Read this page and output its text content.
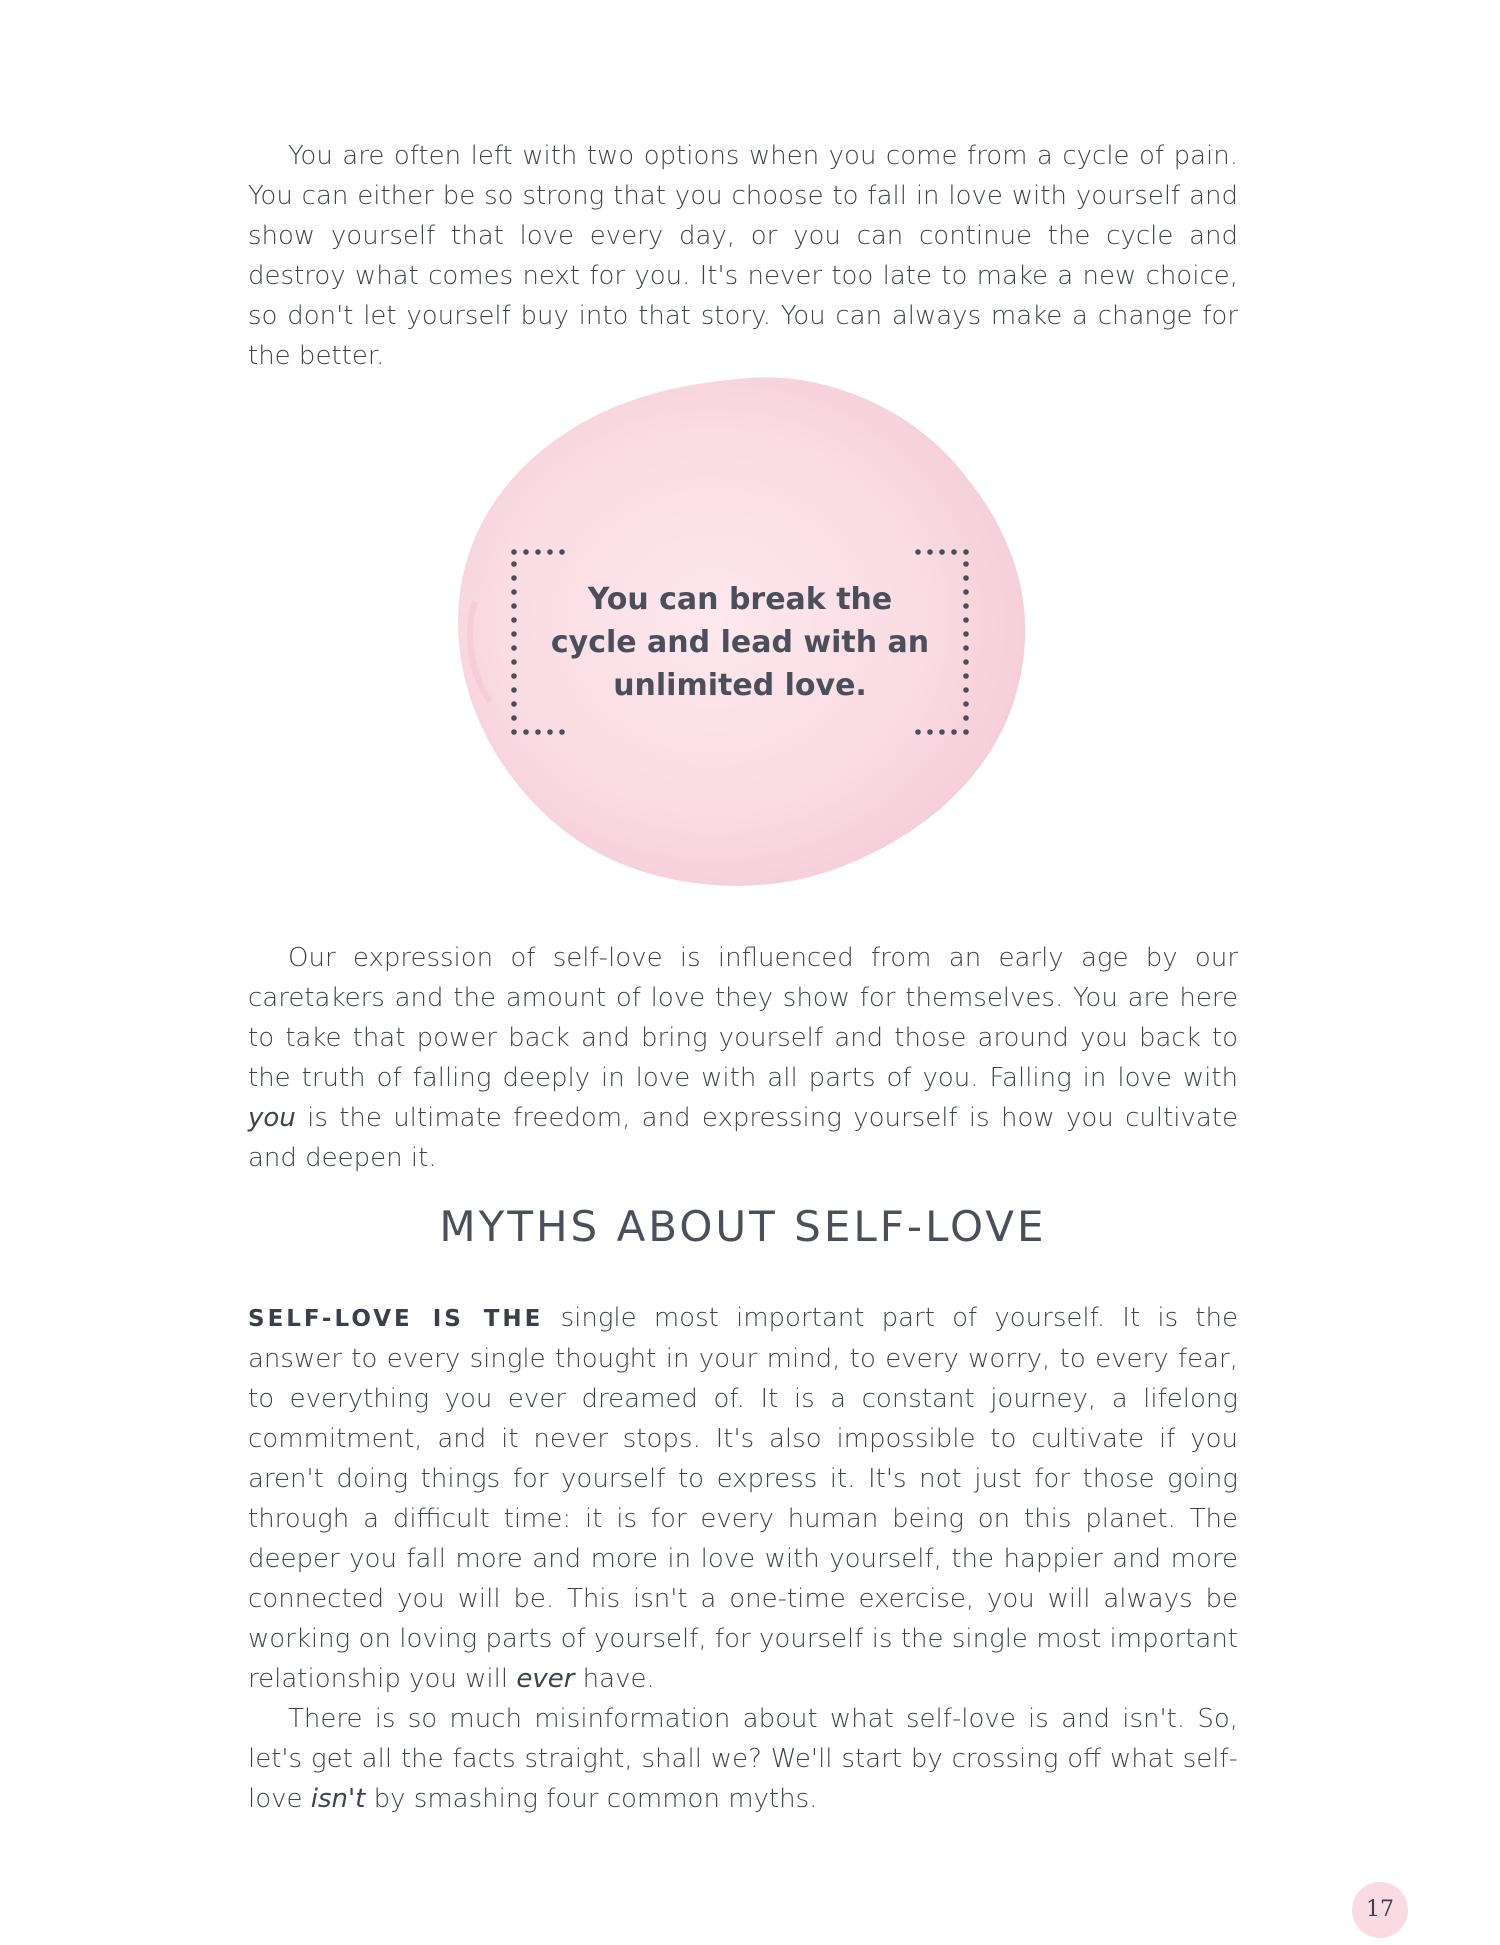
You are often left with two options when you come from a cycle of pain. You can either be so strong that you choose to fall in love with yourself and show yourself that love every day, or you can continue the cycle and destroy what comes next for you. It's never too late to make a new choice, so don't let yourself buy into that story. You can always make a change for the better.

You can break the cycle and lead with an unlimited love.

Our expression of self-love is influenced from an early age by our caretakers and the amount of love they show for themselves. You are here to take that power back and bring yourself and those around you back to the truth of falling deeply in love with all parts of you. Falling in love with you is the ultimate freedom, and expressing yourself is how you cultivate and deepen it.

MYTHS ABOUT SELF-LOVE

SELF-LOVE IS THE single most important part of yourself. It is the answer to every single thought in your mind, to every worry, to every fear, to everything you ever dreamed of. It is a constant journey, a lifelong commitment, and it never stops. It's also impossible to cultivate if you aren't doing things for yourself to express it. It's not just for those going through a difficult time: it is for every human being on this planet. The deeper you fall more and more in love with yourself, the happier and more connected you will be. This isn't a one-time exercise, you will always be working on loving parts of yourself, for yourself is the single most important relationship you will ever have.

There is so much misinformation about what self-love is and isn't. So, let's get all the facts straight, shall we? We'll start by crossing off what self-love isn't by smashing four common myths.

17
